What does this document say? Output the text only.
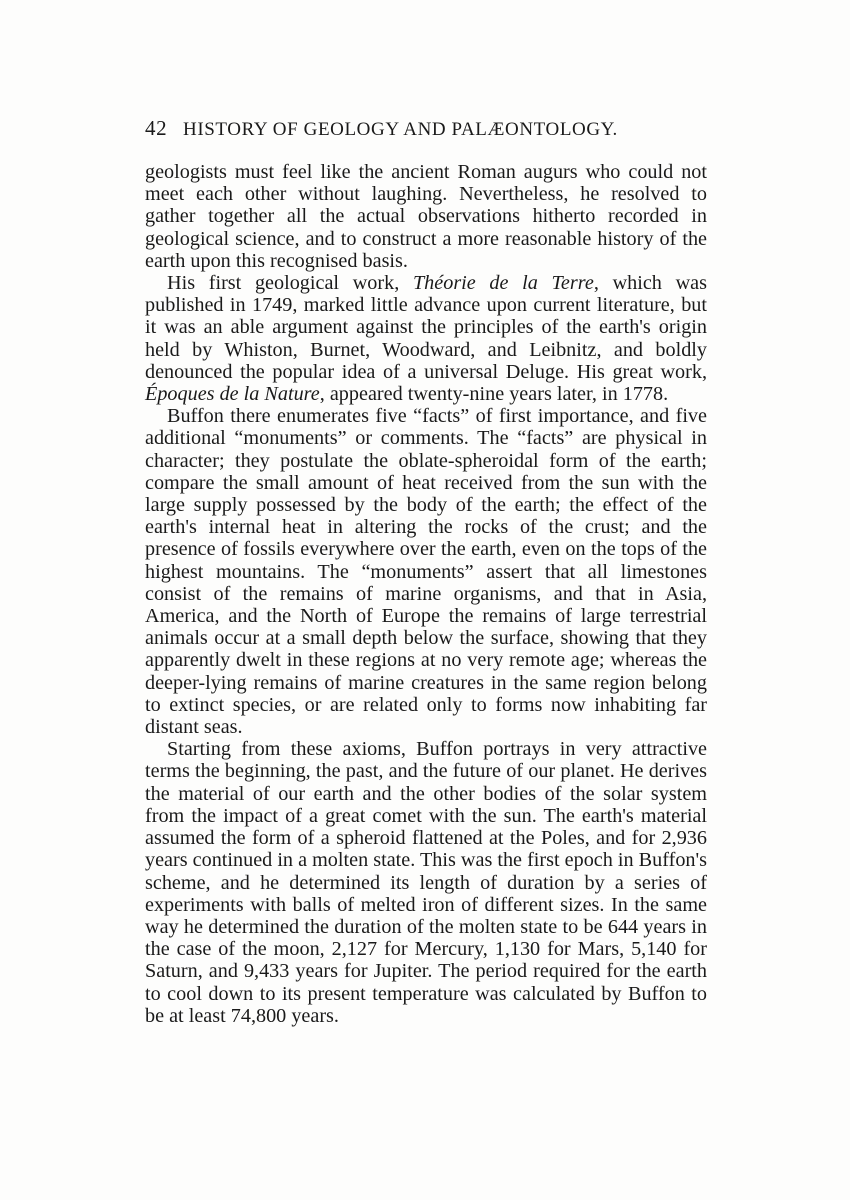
42 HISTORY OF GEOLOGY AND PALÆONTOLOGY.

geologists must feel like the ancient Roman augurs who could not meet each other without laughing. Nevertheless, he resolved to gather together all the actual observations hitherto recorded in geological science, and to construct a more reasonable history of the earth upon this recognised basis.

His first geological work, Théorie de la Terre, which was published in 1749, marked little advance upon current literature, but it was an able argument against the principles of the earth's origin held by Whiston, Burnet, Woodward, and Leibnitz, and boldly denounced the popular idea of a universal Deluge. His great work, Époques de la Nature, appeared twenty-nine years later, in 1778.

Buffon there enumerates five “facts” of first importance, and five additional “monuments” or comments. The “facts” are physical in character; they postulate the oblate-spheroidal form of the earth; compare the small amount of heat received from the sun with the large supply possessed by the body of the earth; the effect of the earth's internal heat in altering the rocks of the crust; and the presence of fossils everywhere over the earth, even on the tops of the highest mountains. The “monuments” assert that all limestones consist of the remains of marine organisms, and that in Asia, America, and the North of Europe the remains of large terrestrial animals occur at a small depth below the surface, showing that they apparently dwelt in these regions at no very remote age; whereas the deeper-lying remains of marine creatures in the same region belong to extinct species, or are related only to forms now inhabiting far distant seas.

Starting from these axioms, Buffon portrays in very attractive terms the beginning, the past, and the future of our planet. He derives the material of our earth and the other bodies of the solar system from the impact of a great comet with the sun. The earth's material assumed the form of a spheroid flattened at the Poles, and for 2,936 years continued in a molten state. This was the first epoch in Buffon's scheme, and he determined its length of duration by a series of experiments with balls of melted iron of different sizes. In the same way he determined the duration of the molten state to be 644 years in the case of the moon, 2,127 for Mercury, 1,130 for Mars, 5,140 for Saturn, and 9,433 years for Jupiter. The period required for the earth to cool down to its present temperature was calculated by Buffon to be at least 74,800 years.
